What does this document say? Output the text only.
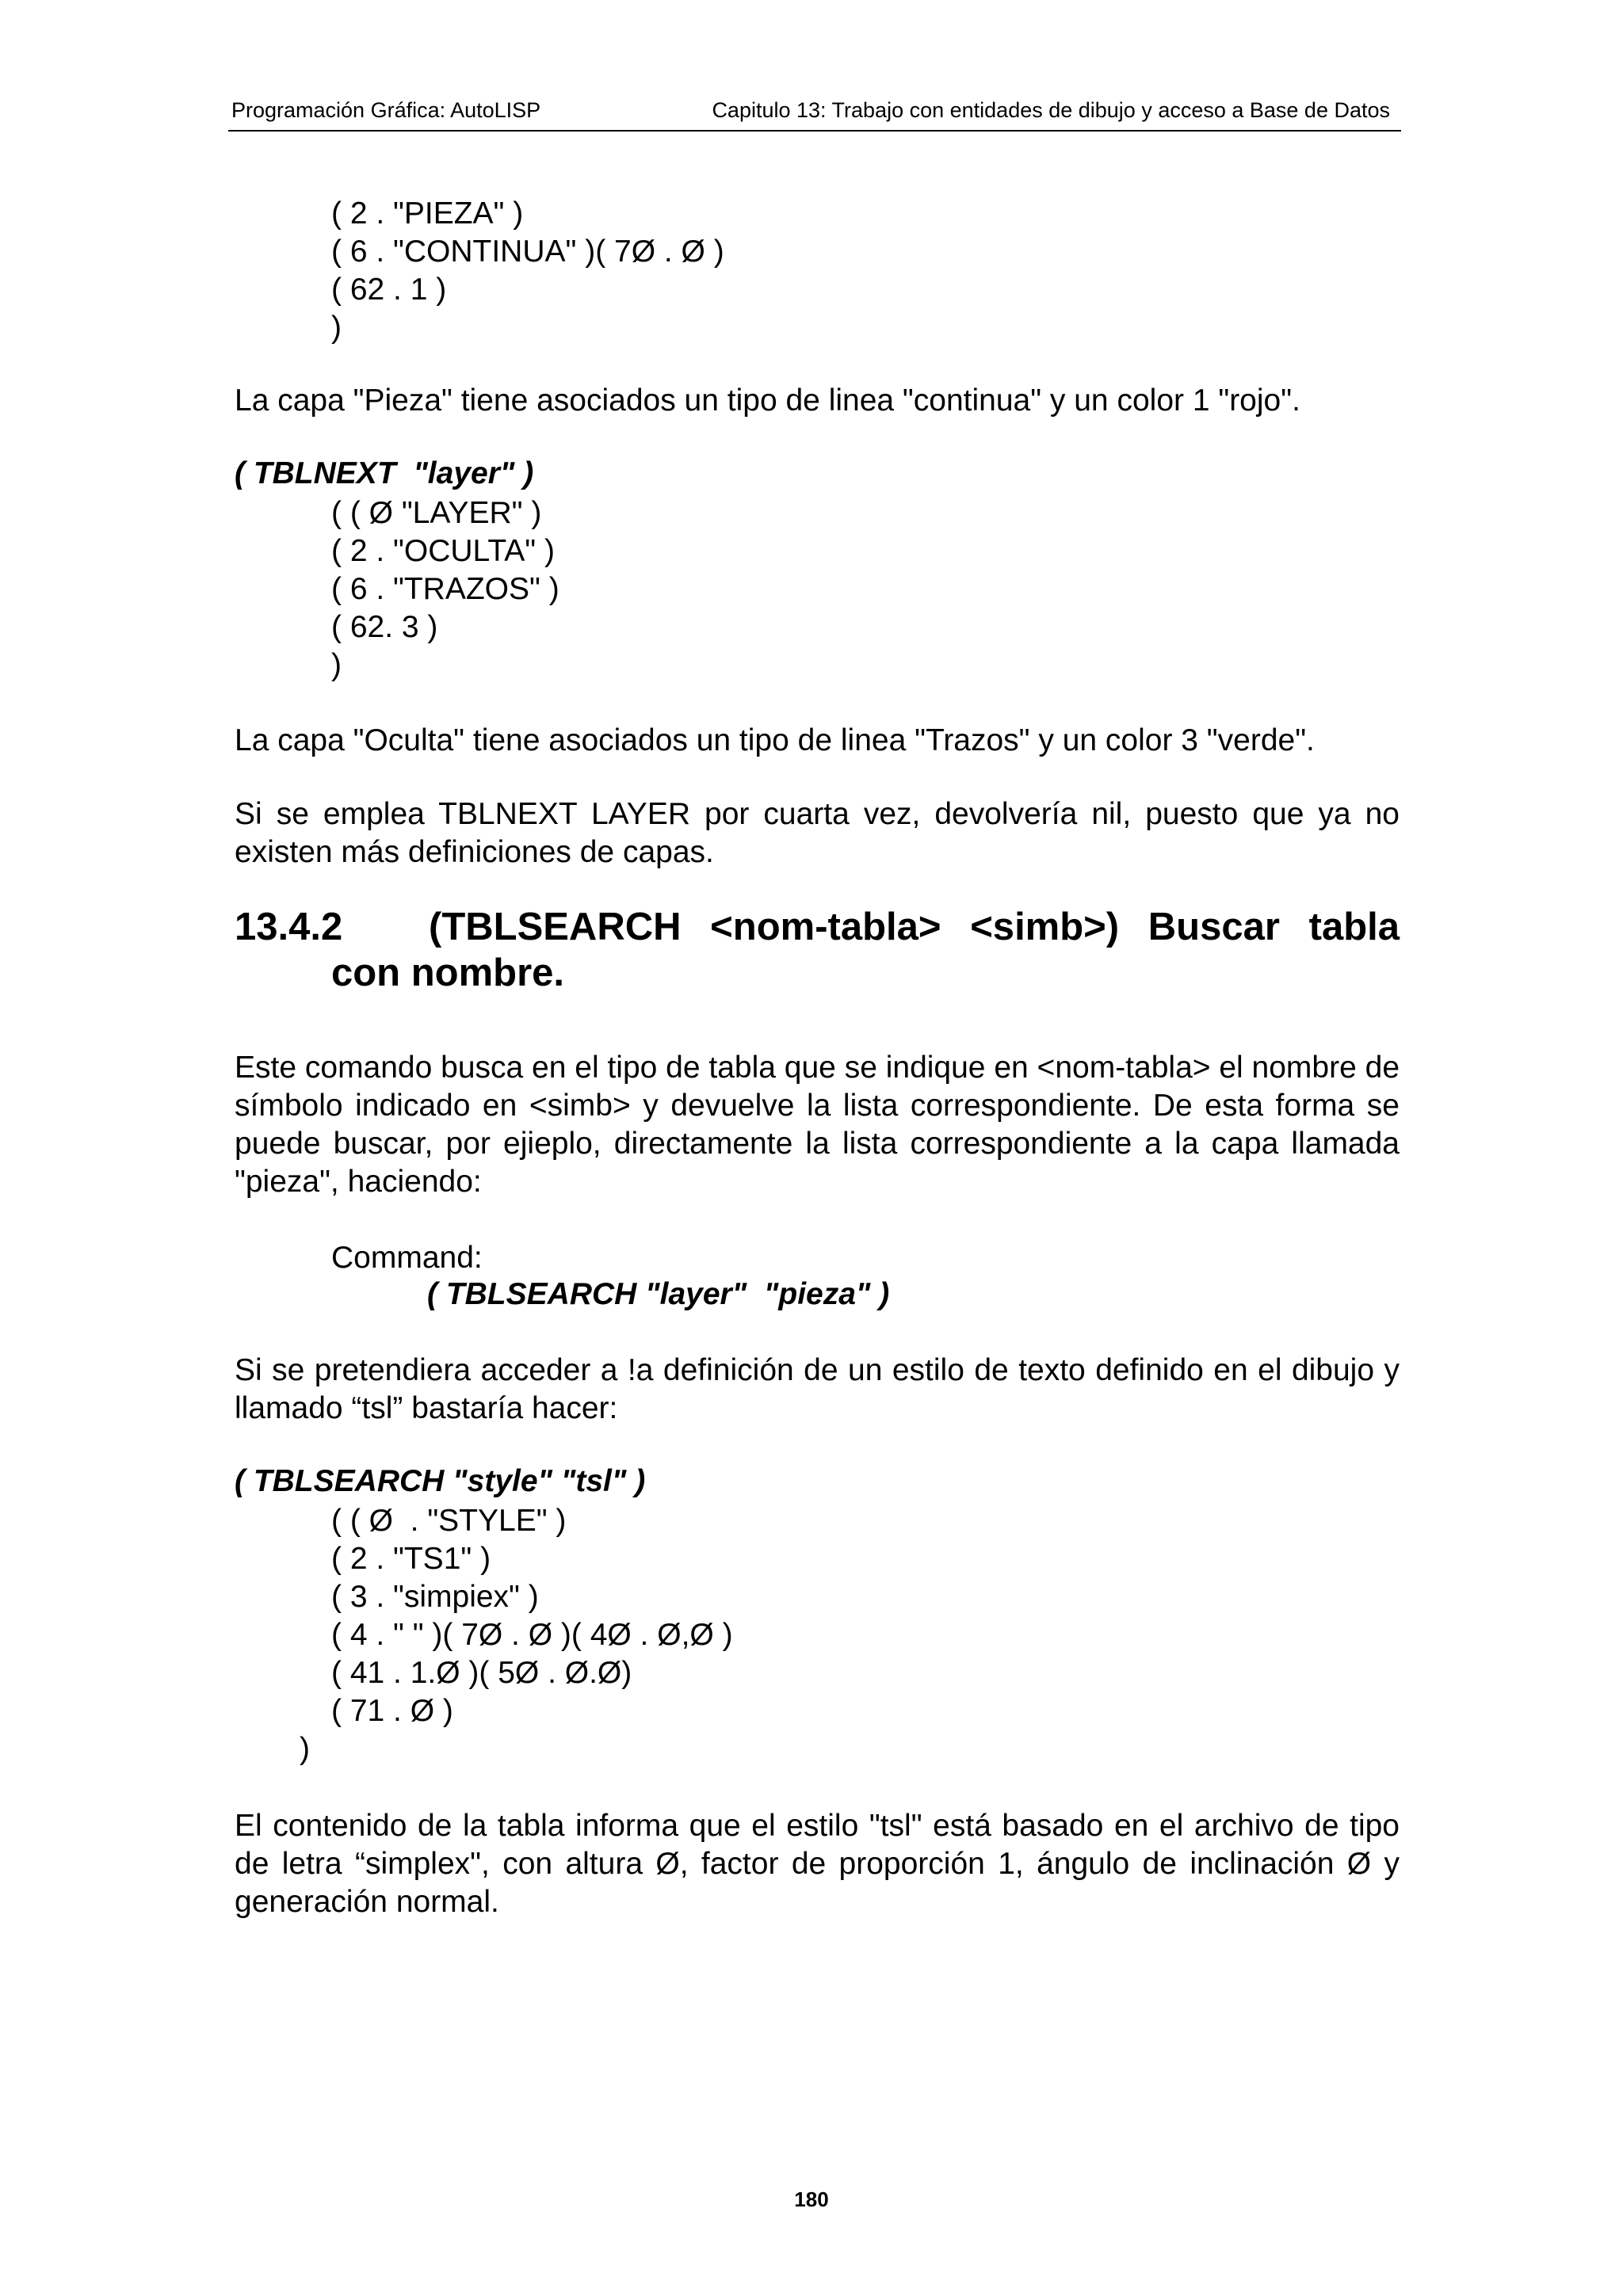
Programación Gráfica: AutoLISP	Capitulo 13: Trabajo con entidades de dibujo y acceso a Base de Datos
( 2 . "PIEZA" )
( 6 . "CONTINUA" )( 7Ø . Ø )
( 62 . 1 )
)
La capa "Pieza" tiene asociados un tipo de linea "continua" y un color 1 "rojo".
( TBLNEXT  "layer" )
( ( Ø "LAYER" )
( 2 . "OCULTA" )
( 6 . "TRAZOS" )
( 62. 3 )
)
La capa "Oculta" tiene asociados un tipo de linea "Trazos" y un color 3 "verde".
Si se emplea TBLNEXT LAYER por cuarta vez, devolvería nil, puesto que ya no existen más definiciones de capas.
13.4.2 (TBLSEARCH <nom-tabla> <simb>) Buscar tabla
con nombre.
Este comando busca en el tipo de tabla que se indique en <nom-tabla> el nombre de símbolo indicado en <simb> y devuelve la lista correspondiente. De esta forma se puede buscar, por ejieplo, directamente la lista correspondiente a la capa llamada "pieza", haciendo:
Command:
( TBLSEARCH "layer"  "pieza" )
Si se pretendiera acceder a !a definición de un estilo de texto definido en el dibujo y llamado “tsl” bastaría hacer:
( TBLSEARCH "style" "tsl" )
( ( Ø  . "STYLE" )
( 2 . "TS1" )
( 3 . "simpiex" )
( 4 . " " )( 7Ø . Ø )( 4Ø . Ø,Ø )
( 41 . 1.Ø )( 5Ø . Ø.Ø)
( 71 . Ø )
)
El contenido de la tabla informa que el estilo "tsl" está basado en el archivo de tipo de letra “simplex", con altura Ø, factor de proporción 1, ángulo de inclinación Ø y generación normal.
180
